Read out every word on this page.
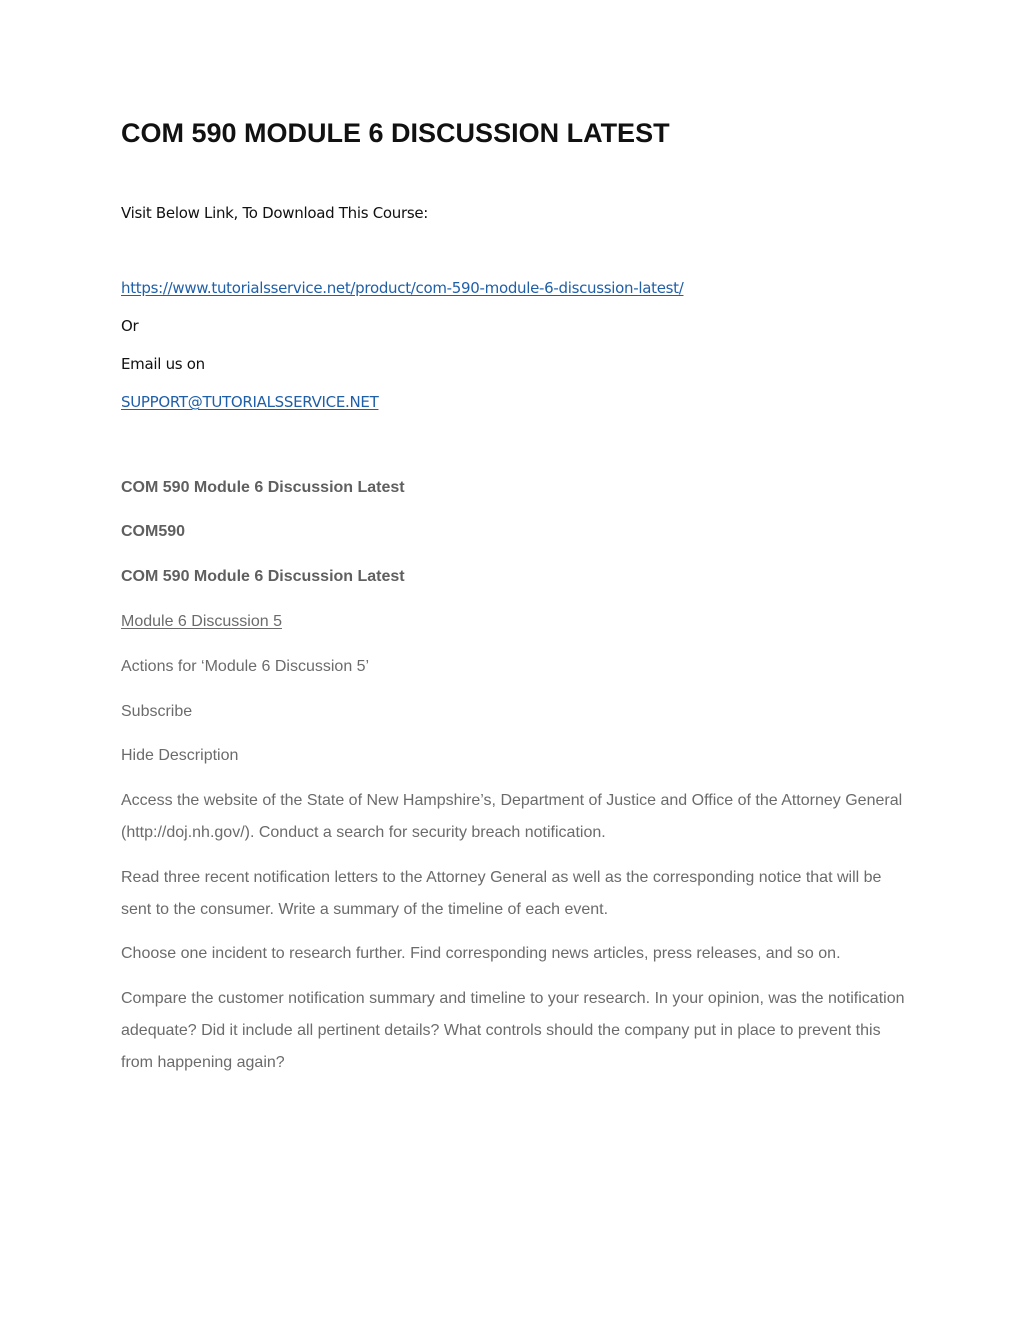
COM 590 MODULE 6 DISCUSSION LATEST
Visit Below Link, To Download This Course:
https://www.tutorialsservice.net/product/com-590-module-6-discussion-latest/
Or
Email us on
SUPPORT@TUTORIALSSERVICE.NET
COM 590 Module 6 Discussion Latest
COM590
COM 590 Module 6 Discussion Latest
Module 6 Discussion 5
Actions for ‘Module 6 Discussion 5’
Subscribe
Hide Description

Access the website of the State of New Hampshire’s, Department of Justice and Office of the Attorney General (http://doj.nh.gov/). Conduct a search for security breach notification.

Read three recent notification letters to the Attorney General as well as the corresponding notice that will be sent to the consumer. Write a summary of the timeline of each event.

Choose one incident to research further. Find corresponding news articles, press releases, and so on.

Compare the customer notification summary and timeline to your research. In your opinion, was the notification adequate? Did it include all pertinent details? What controls should the company put in place to prevent this from happening again?
